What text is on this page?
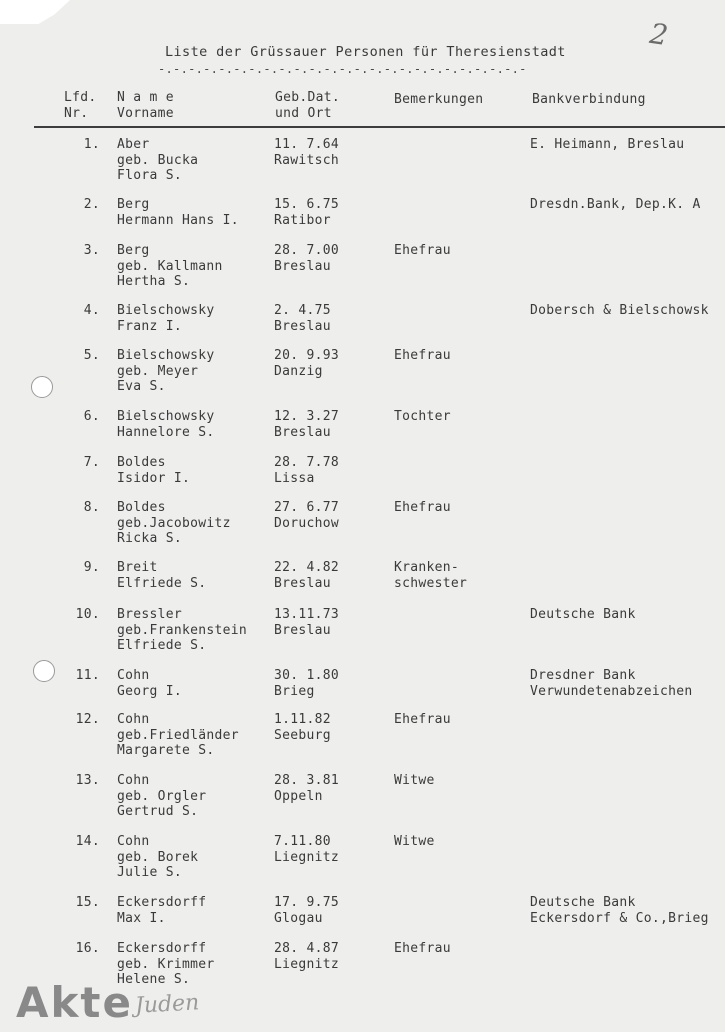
2
Liste der Grüssauer Personen für Theresienstadt
-.-.-.-.-.-.-.-.-.-.-.-.-.-.-.-.-.-.-.-.-.-.-.-.-
Lfd.
Nr.
N a m e
Vorname
Geb.Dat.
und Ort
Bemerkungen	Bankverbindung
1. Aber
geb. Bucka
Flora S.
11. 7.64
Rawitsch
E. Heimann, Breslau
2. Berg
Hermann Hans I.
15. 6.75
Ratibor
Dresdn.Bank, Dep.K. A
3. Berg
geb. Kallmann
Hertha S.
28. 7.00
Breslau
Ehefrau
4. Bielschowsky
Franz I.
2. 4.75
Breslau
Dobersch & Bielschowsk
5. Bielschowsky
geb. Meyer
Eva S.
20. 9.93
Danzig
Ehefrau
6. Bielschowsky
Hannelore S.
12. 3.27
Breslau
Tochter
7. Boldes
Isidor I.
28. 7.78
Lissa
8. Boldes
geb.Jacobowitz
Ricka S.
27. 6.77
Doruchow
Ehefrau
9. Breit
Elfriede S.
22. 4.82
Breslau
Kranken-
schwester
10. Bressler
geb.Frankenstein
Elfriede S.
13.11.73
Breslau
Deutsche Bank
11. Cohn
Georg I.
30. 1.80
Brieg
Dresdner Bank
Verwundetenabzeichen
12. Cohn
geb.Friedländer
Margarete S.
1.11.82
Seeburg
Ehefrau
13. Cohn
geb. Orgler
Gertrud S.
28. 3.81
Oppeln
Witwe
14. Cohn
geb. Borek
Julie S.
7.11.80
Liegnitz
Witwe
15. Eckersdorff
Max I.
17. 9.75
Glogau
Deutsche Bank
Eckersdorf & Co.,Brieg
16. Eckersdorff
geb. Krimmer
Helene S.
28. 4.87
Liegnitz
Ehefrau
Akte Juden
